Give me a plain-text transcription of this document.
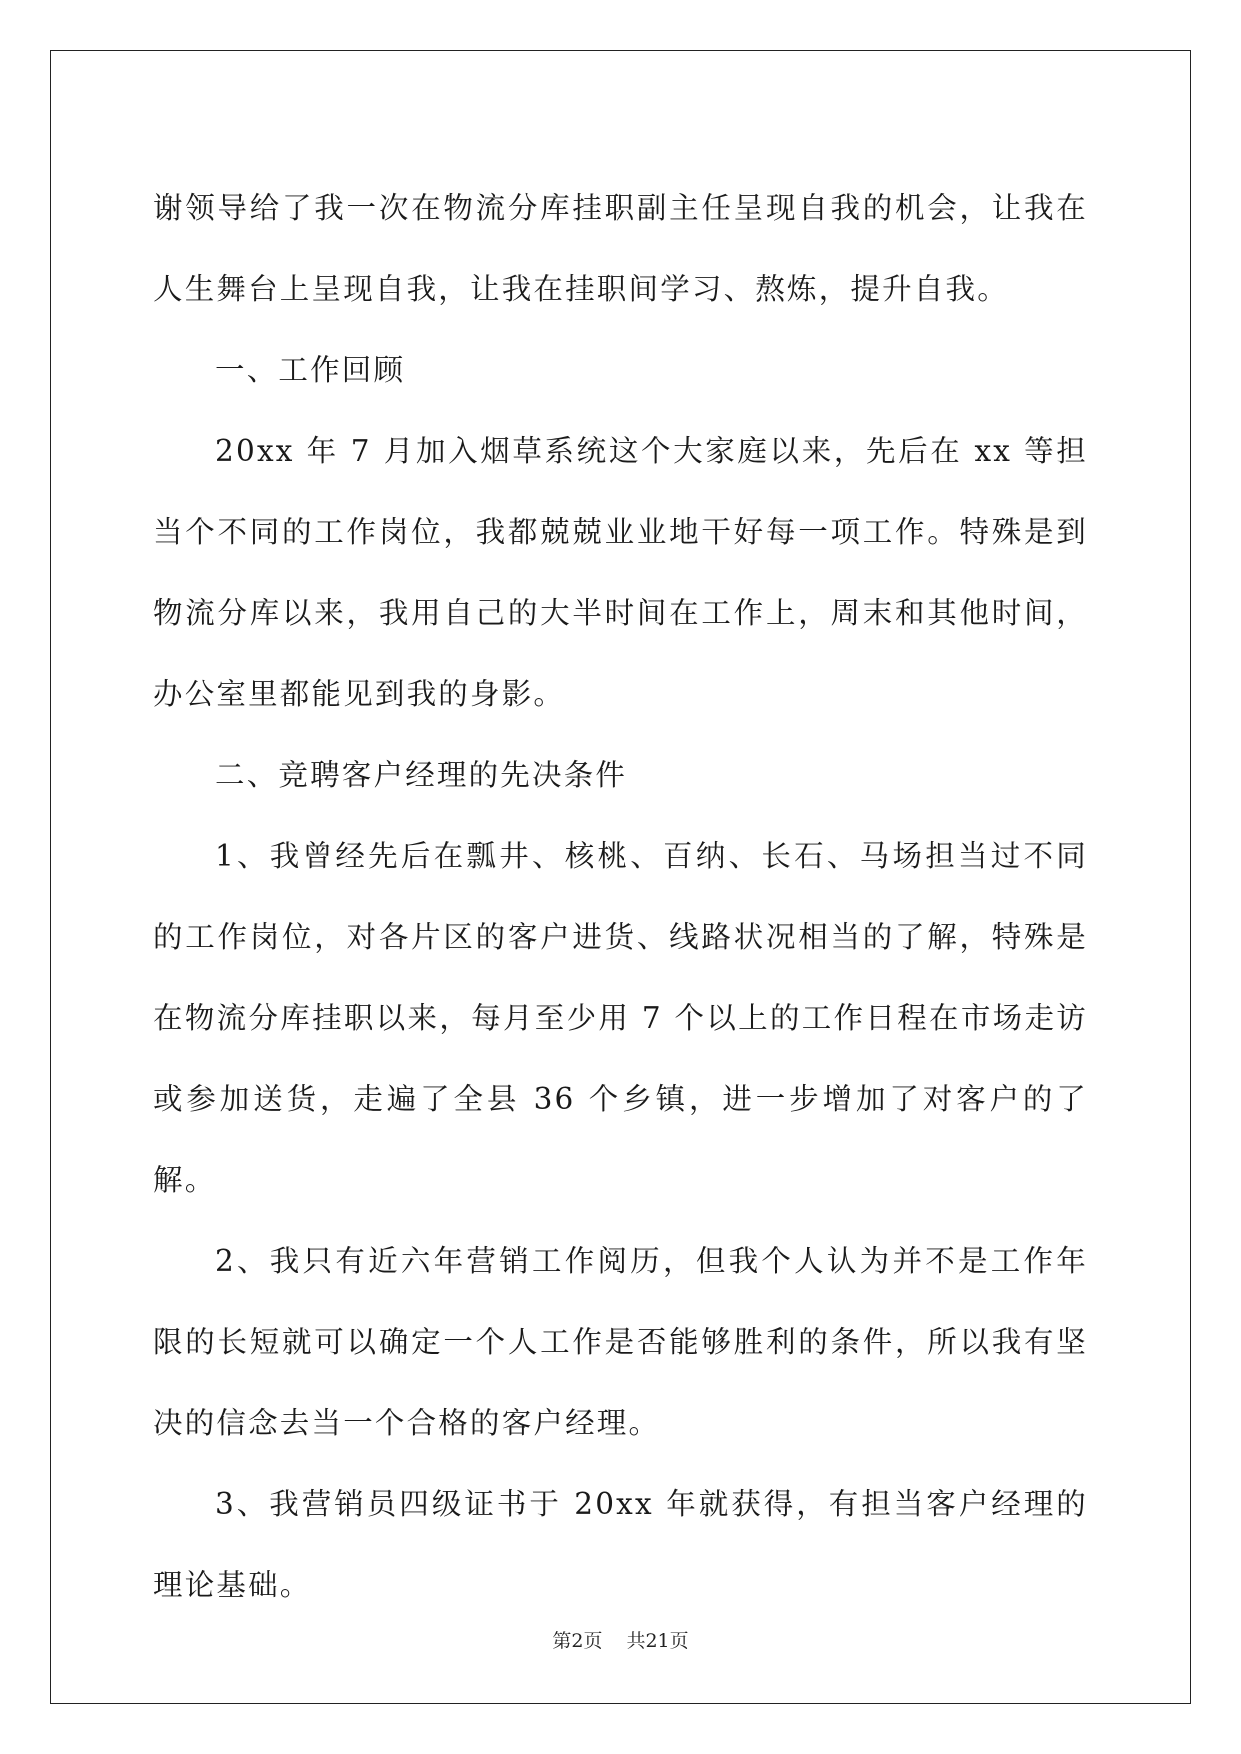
谢领导给了我一次在物流分库挂职副主任呈现自我的机会，让我在人生舞台上呈现自我，让我在挂职间学习、熬炼，提升自我。

一、工作回顾

20xx 年 7 月加入烟草系统这个大家庭以来，先后在 xx 等担当个不同的工作岗位，我都兢兢业业地干好每一项工作。特殊是到物流分库以来，我用自己的大半时间在工作上，周末和其他时间，办公室里都能见到我的身影。

二、竞聘客户经理的先决条件

1、我曾经先后在瓢井、核桃、百纳、长石、马场担当过不同的工作岗位，对各片区的客户进货、线路状况相当的了解，特殊是在物流分库挂职以来，每月至少用 7 个以上的工作日程在市场走访或参加送货，走遍了全县 36 个乡镇，进一步增加了对客户的了解。

2、我只有近六年营销工作阅历，但我个人认为并不是工作年限的长短就可以确定一个人工作是否能够胜利的条件，所以我有坚决的信念去当一个合格的客户经理。

3、我营销员四级证书于 20xx 年就获得，有担当客户经理的理论基础。

第2页 共21页
